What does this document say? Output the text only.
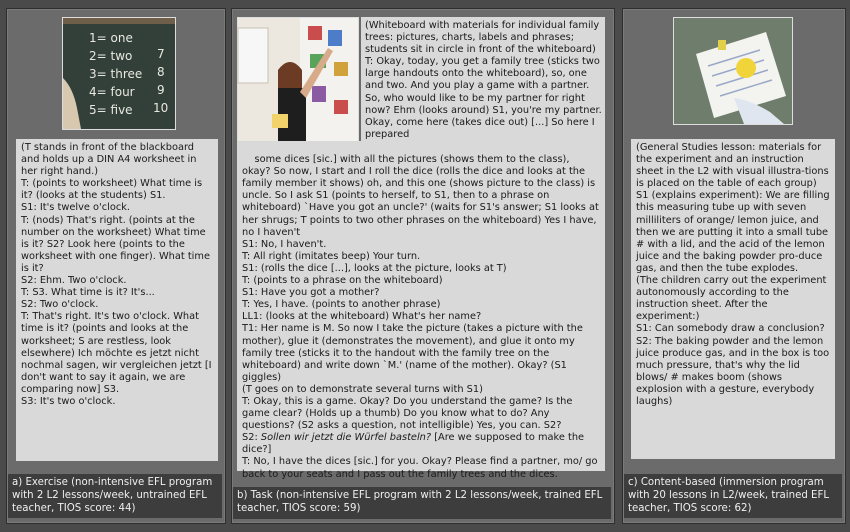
1= one
2= two
3= three
4= four
5= five
7
8
9
10
(T stands in front of the blackboard and holds up a DIN A4 worksheet in her right hand.)
T: (points to worksheet) What time is it? (looks at the students) S1.
S1: It's twelve o'clock.
T: (nods) That's right. (points at the number on the worksheet) What time is it? S2? Look here (points to the worksheet with one finger). What time is it?
S2: Ehm. Two o'clock.
T: S3. What time is it? It's...
S2: Two o'clock.
T: That's right. It's two o'clock. What time is it? (points and looks at the worksheet; S are restless, look elsewhere) Ich möchte es jetzt nicht nochmal sagen, wir vergleichen jetzt [I don't want to say it again, we are comparing now] S3.
S3: It's two o'clock.
a) Exercise (non-intensive EFL program with 2 L2 lessons/week, untrained EFL teacher, TIOS score: 44)
(Whiteboard with materials for individual family trees: pictures, charts, labels and phrases; students sit in circle in front of the whiteboard)
T: Okay, today, you get a family tree (sticks two large handouts onto the whiteboard), so, one and two. And you play a game with a partner. So, who would like to be my partner for right now? Ehm (looks around) S1, you're my partner. Okay, come here (takes dice out) [...] So here I prepared

some dices [sic.] with all the pictures (shows them to the class), okay? So now, I start and I roll the dice (rolls the dice and looks at the family member it shows) oh, and this one (shows picture to the class) is uncle. So I ask S1 (points to herself, to S1, then to a phrase on whiteboard) `Have you got an uncle?' (waits for S1's answer; S1 looks at her shrugs; T points to two other phrases on the whiteboard) Yes I have, no I haven't
S1: No, I haven't.
T: All right (imitates beep) Your turn.
S1: (rolls the dice [...], looks at the picture, looks at T)
T: (points to a phrase on the whiteboard)
S1: Have you got a mother?
T: Yes, I have. (points to another phrase)
LL1: (looks at the whiteboard) What's her name?
T1: Her name is M. So now I take the picture (takes a picture with the mother), glue it (demonstrates the movement), and glue it onto my family tree (sticks it to the handout with the family tree on the whiteboard) and write down `M.' (name of the mother). Okay? (S1 giggles)
(T goes on to demonstrate several turns with S1)
T: Okay, this is a game. Okay? Do you understand the game? Is the game clear? (Holds up a thumb) Do you know what to do? Any questions? (S2 asks a question, not intelligible) Yes, you can. S2?
S2: Sollen wir jetzt die Würfel basteln? [Are we supposed to make the dice?]
T: No, I have the dices [sic.] for you. Okay? Please find a partner, mo/ go back to your seats and I pass out the family trees and the dices.

b) Task (non-intensive EFL program with 2 L2 lessons/week, trained EFL teacher, TIOS score: 59)
(General Studies lesson: materials for the experiment and an instruction sheet in the L2 with visual illustra-tions is placed on the table of each group)
S1 (explains experiment): We are filling this measuring tube up with seven milliliters of orange/ lemon juice, and then we are putting it into a small tube # with a lid, and the acid of the lemon juice and the baking powder pro-duce gas, and then the tube explodes.
(The children carry out the experiment autonomously according to the instruction sheet. After the experiment:)
S1: Can somebody draw a conclusion?
S2: The baking powder and the lemon juice produce gas, and in the box is too much pressure, that's why the lid blows/ # makes boom (shows explosion with a gesture, everybody laughs)
c) Content-based (immersion program with 20 lessons in L2/week, trained EFL teacher, TIOS score: 62)
